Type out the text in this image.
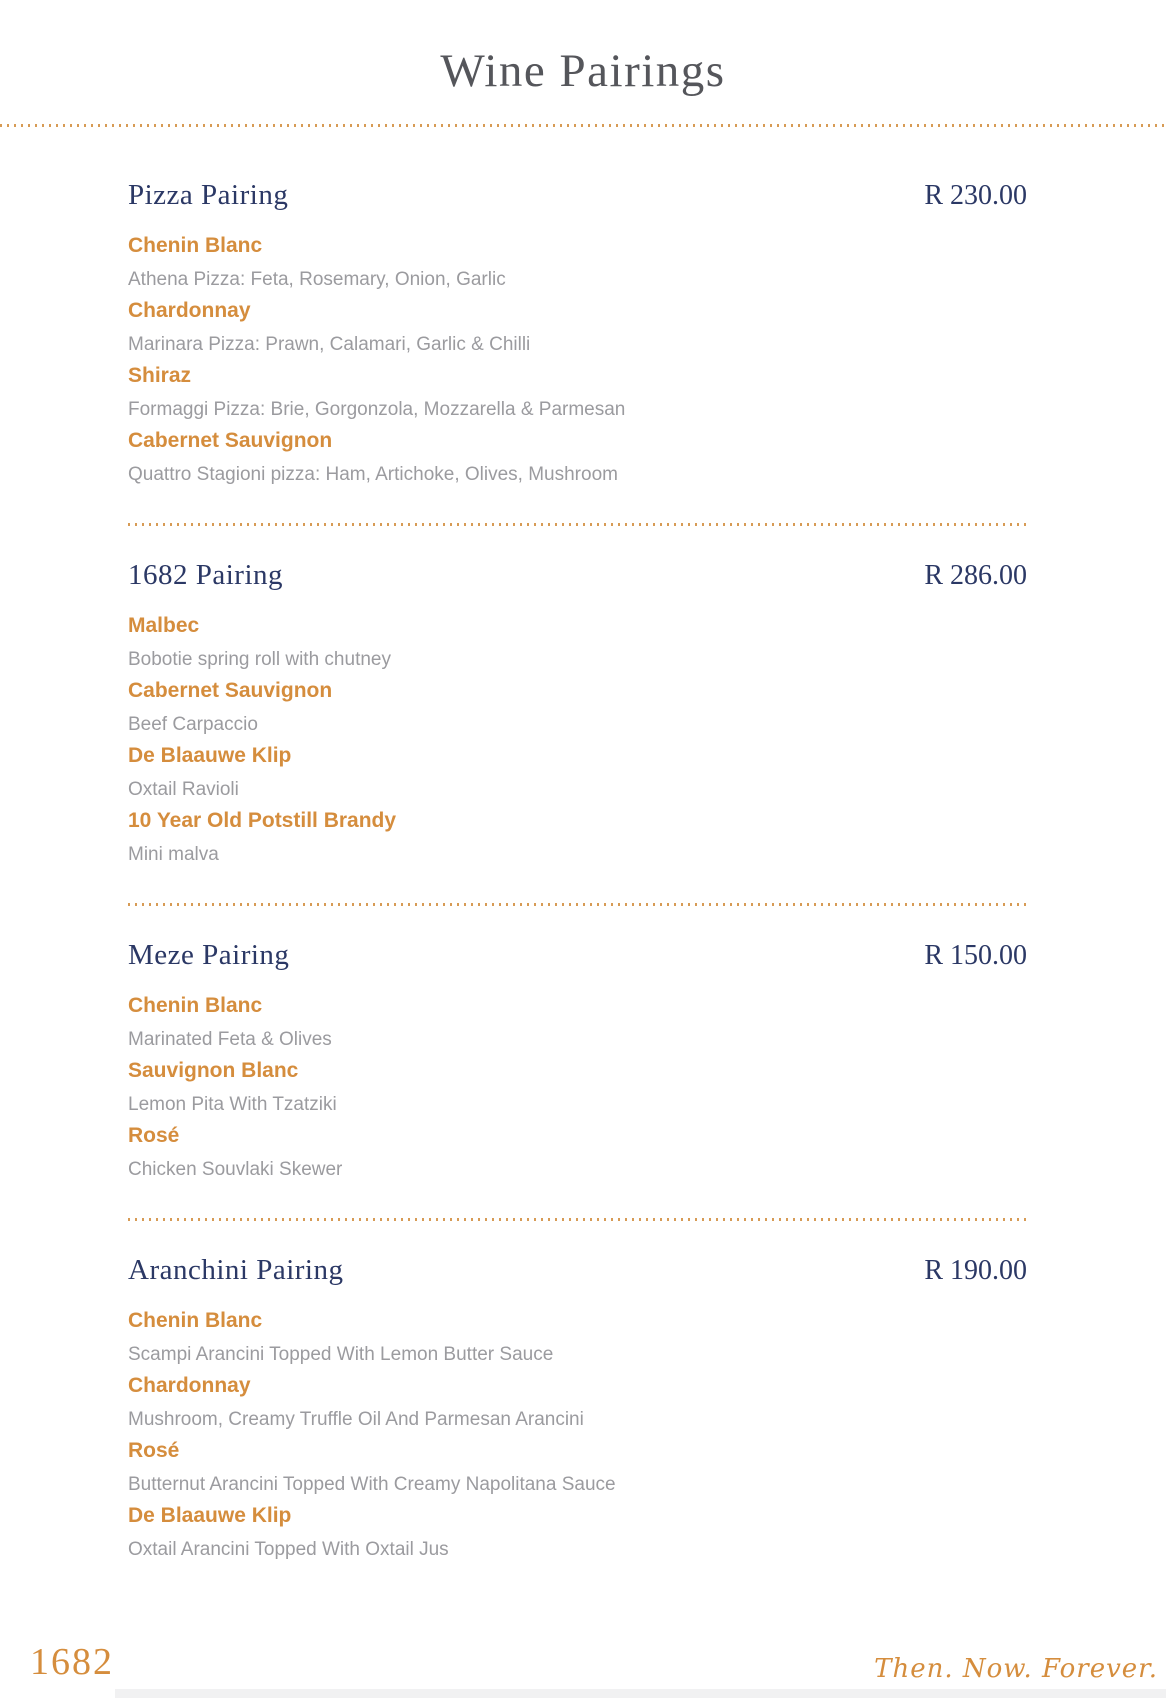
Wine Pairings
Pizza Pairing	R 230.00
Chenin Blanc
Athena Pizza: Feta, Rosemary, Onion, Garlic
Chardonnay
Marinara Pizza: Prawn, Calamari, Garlic & Chilli
Shiraz
Formaggi Pizza: Brie, Gorgonzola, Mozzarella & Parmesan
Cabernet Sauvignon
Quattro Stagioni pizza: Ham, Artichoke, Olives, Mushroom
1682 Pairing	R 286.00
Malbec
Bobotie spring roll with chutney
Cabernet Sauvignon
Beef Carpaccio
De Blaauwe Klip
Oxtail Ravioli
10 Year Old Potstill Brandy
Mini malva
Meze Pairing	R 150.00
Chenin Blanc
Marinated Feta & Olives
Sauvignon Blanc
Lemon Pita With Tzatziki
Rosé
Chicken Souvlaki Skewer
Aranchini Pairing	R 190.00
Chenin Blanc
Scampi Arancini Topped With Lemon Butter Sauce
Chardonnay
Mushroom, Creamy Truffle Oil And Parmesan Arancini
Rosé
Butternut Arancini Topped With Creamy Napolitana Sauce
De Blaauwe Klip
Oxtail Arancini Topped With Oxtail Jus
1682	Then. Now. Forever.
